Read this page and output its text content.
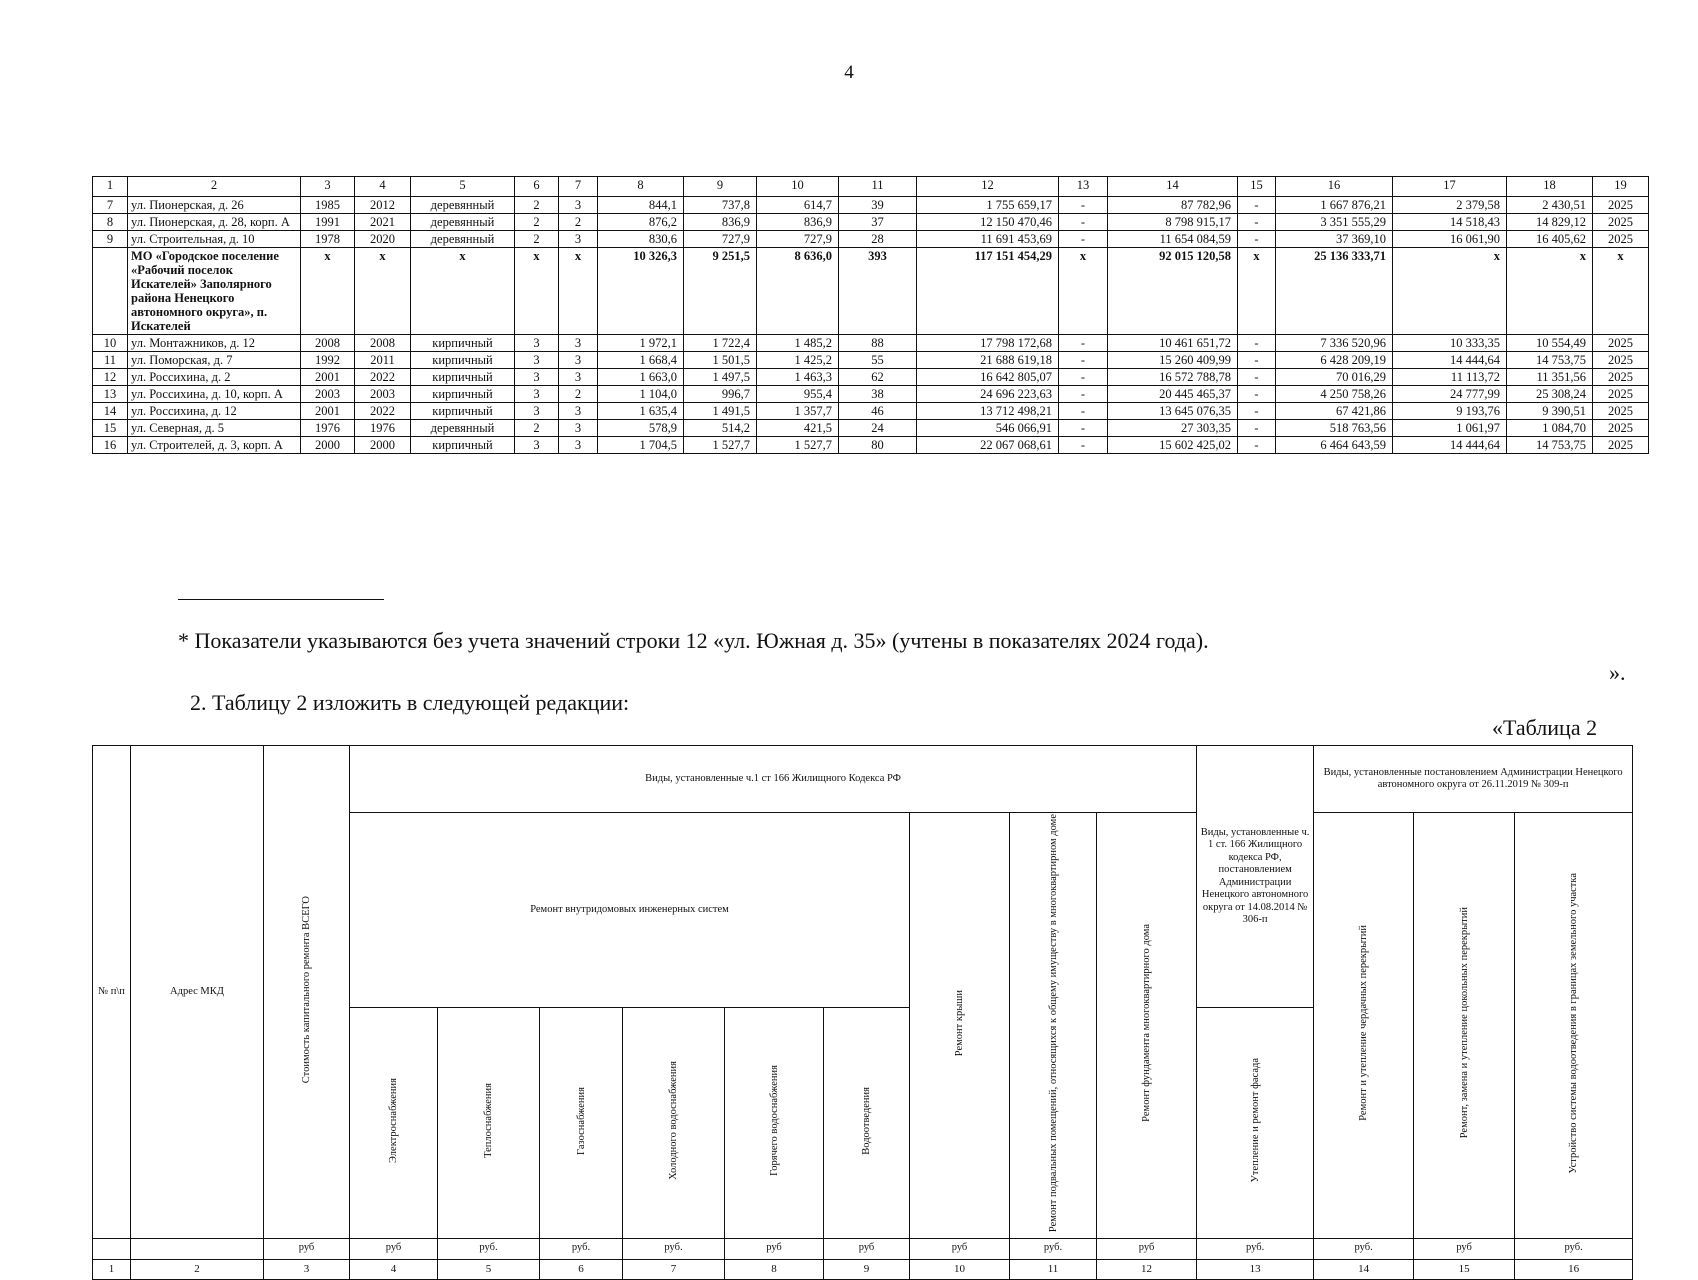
4
1	2	3	4	5	6	7	8	9	10	11	12	13	14	15	16	17	18	19
7	ул. Пионерская, д. 26	1985	2012	деревянный	2	3	844,1	737,8	614,7	39	1 755 659,17	-	87 782,96	-	1 667 876,21	2 379,58	2 430,51	2025
8	ул. Пионерская, д. 28, корп. А	1991	2021	деревянный	2	2	876,2	836,9	836,9	37	12 150 470,46	-	8 798 915,17	-	3 351 555,29	14 518,43	14 829,12	2025
9	ул. Строительная, д. 10	1978	2020	деревянный	2	3	830,6	727,9	727,9	28	11 691 453,69	-	11 654 084,59	-	37 369,10	16 061,90	16 405,62	2025
	МО «Городское поселение «Рабочий поселок Искателей» Заполярного района Ненецкого автономного округа», п. Искателей	х	х	х	х	х	10 326,3	9 251,5	8 636,0	393	117 151 454,29	х	92 015 120,58	х	25 136 333,71	х	х	х
10	ул. Монтажников, д. 12	2008	2008	кирпичный	3	3	1 972,1	1 722,4	1 485,2	88	17 798 172,68	-	10 461 651,72	-	7 336 520,96	10 333,35	10 554,49	2025
11	ул. Поморская, д. 7	1992	2011	кирпичный	3	3	1 668,4	1 501,5	1 425,2	55	21 688 619,18	-	15 260 409,99	-	6 428 209,19	14 444,64	14 753,75	2025
12	ул. Россихина, д. 2	2001	2022	кирпичный	3	3	1 663,0	1 497,5	1 463,3	62	16 642 805,07	-	16 572 788,78	-	70 016,29	11 113,72	11 351,56	2025
13	ул. Россихина, д. 10, корп. А	2003	2003	кирпичный	3	2	1 104,0	996,7	955,4	38	24 696 223,63	-	20 445 465,37	-	4 250 758,26	24 777,99	25 308,24	2025
14	ул. Россихина, д. 12	2001	2022	кирпичный	3	3	1 635,4	1 491,5	1 357,7	46	13 712 498,21	-	13 645 076,35	-	67 421,86	9 193,76	9 390,51	2025
15	ул. Северная, д. 5	1976	1976	деревянный	2	3	578,9	514,2	421,5	24	546 066,91	-	27 303,35	-	518 763,56	1 061,97	1 084,70	2025
16	ул. Строителей, д. 3, корп. А	2000	2000	кирпичный	3	3	1 704,5	1 527,7	1 527,7	80	22 067 068,61	-	15 602 425,02	-	6 464 643,59	14 444,64	14 753,75	2025
* Показатели указываются без учета значений строки 12 «ул. Южная д. 35» (учтены в показателях 2024 года).
».
2. Таблицу 2 изложить в следующей редакции:
«Таблица 2
№ п\п	Адрес МКД	Стоимость капитального ремонта ВСЕГО	Виды, установленные ч.1 ст 166 Жилищного Кодекса РФ									Виды, установленные ч. 1 ст. 166 Жилищного кодекса РФ, постановлением Администрации Ненецкого автономного округа от 14.08.2014 № 306-п	Виды, установленные постановлением Администрации Ненецкого автономного округа от 26.11.2019 № 309-п		
			Ремонт внутридомовых инженерных систем						Ремонт крыши	Ремонт подвальных помещений, относящихся к общему имуществу в многоквартирном доме	Ремонт фундамента многоквартирного дома		Ремонт и утепление чердачных перекрытий	Ремонт, замена и утепление цокольных перекрытий	Устройство системы водоотведения в границах земельного участка
			Электроснабжения	Теплоснабжения	Газоснабжения	Холодного водоснабжения	Горячего водоснабжения	Водоотведения				Утепление и ремонт фасада			
		руб	руб	руб.	руб.	руб.	руб	руб	руб	руб.	руб	руб.	руб.	руб	руб.
1	2	3	4	5	6	7	8	9	10	11	12	13	14	15	16
